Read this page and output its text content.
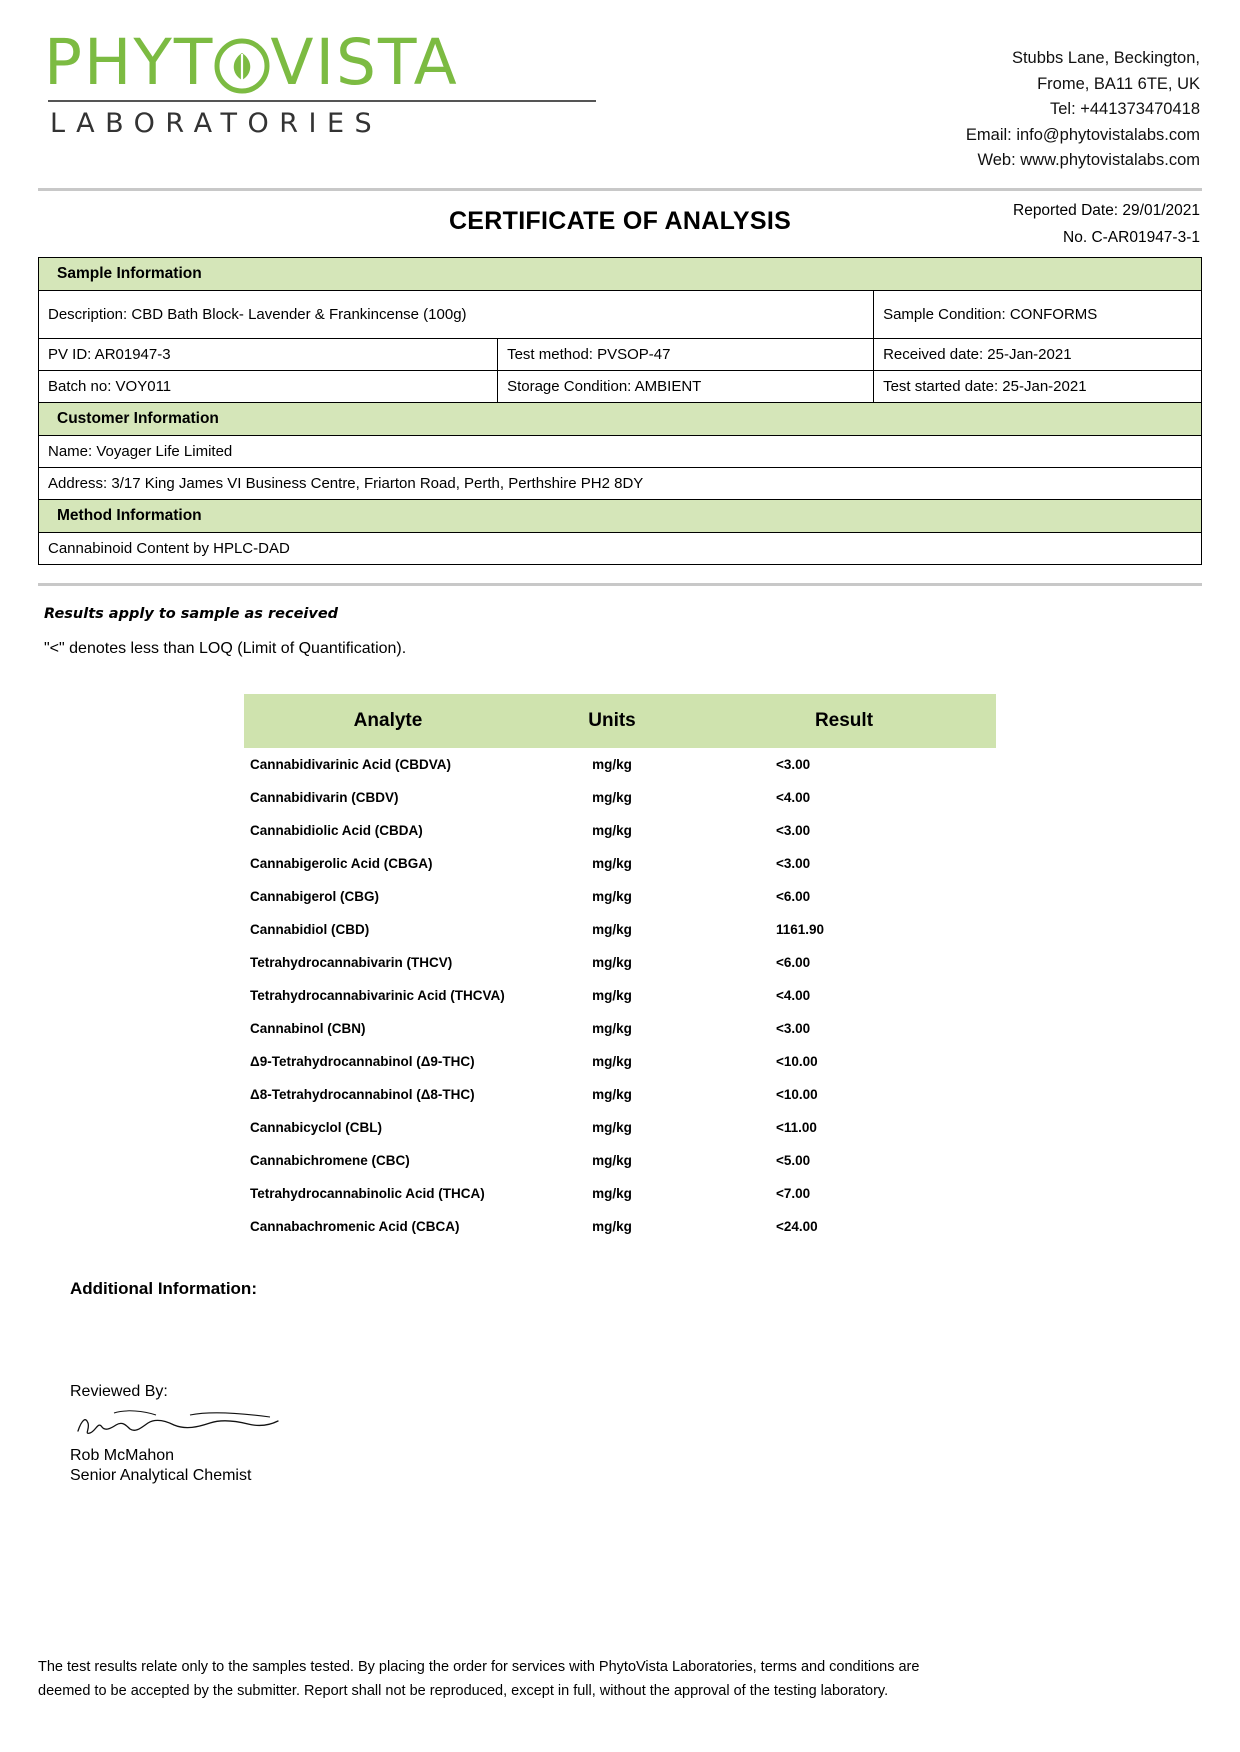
PHYT VISTA
LABORATORIES
Stubbs Lane, Beckington,
Frome, BA11 6TE, UK
Tel: +441373470418
Email: info@phytovistalabs.com
Web: www.phytovistalabs.com
CERTIFICATE OF ANALYSIS	Reported Date: 29/01/2021
No. C-AR01947-3-1
Sample Information		
Description: CBD Bath Block- Lavender & Frankincense (100g)		Sample Condition: CONFORMS
PV ID: AR01947-3	Test method: PVSOP-47	Received date: 25-Jan-2021
Batch no: VOY011	Storage Condition: AMBIENT	Test started date: 25-Jan-2021
Customer Information		
Name: Voyager Life Limited		
Address: 3/17 King James VI Business Centre, Friarton Road, Perth, Perthshire PH2 8DY		
Method Information		
Cannabinoid Content by HPLC-DAD		
Results apply to sample as received
"<" denotes less than LOQ (Limit of Quantification).
Analyte	Units	Result
Cannabidivarinic Acid (CBDVA)	mg/kg	<3.00
Cannabidivarin (CBDV)	mg/kg	<4.00
Cannabidiolic Acid (CBDA)	mg/kg	<3.00
Cannabigerolic Acid (CBGA)	mg/kg	<3.00
Cannabigerol (CBG)	mg/kg	<6.00
Cannabidiol (CBD)	mg/kg	1161.90
Tetrahydrocannabivarin (THCV)	mg/kg	<6.00
Tetrahydrocannabivarinic Acid (THCVA)	mg/kg	<4.00
Cannabinol (CBN)	mg/kg	<3.00
Δ9-Tetrahydrocannabinol (Δ9-THC)	mg/kg	<10.00
Δ8-Tetrahydrocannabinol (Δ8-THC)	mg/kg	<10.00
Cannabicyclol (CBL)	mg/kg	<11.00
Cannabichromene (CBC)	mg/kg	<5.00
Tetrahydrocannabinolic Acid (THCA)	mg/kg	<7.00
Cannabachromenic Acid (CBCA)	mg/kg	<24.00
Additional Information:
Reviewed By:
Rob McMahon
Senior Analytical Chemist
The test results relate only to the samples tested. By placing the order for services with PhytoVista Laboratories, terms and conditions are
deemed to be accepted by the submitter. Report shall not be reproduced, except in full, without the approval of the testing laboratory.
